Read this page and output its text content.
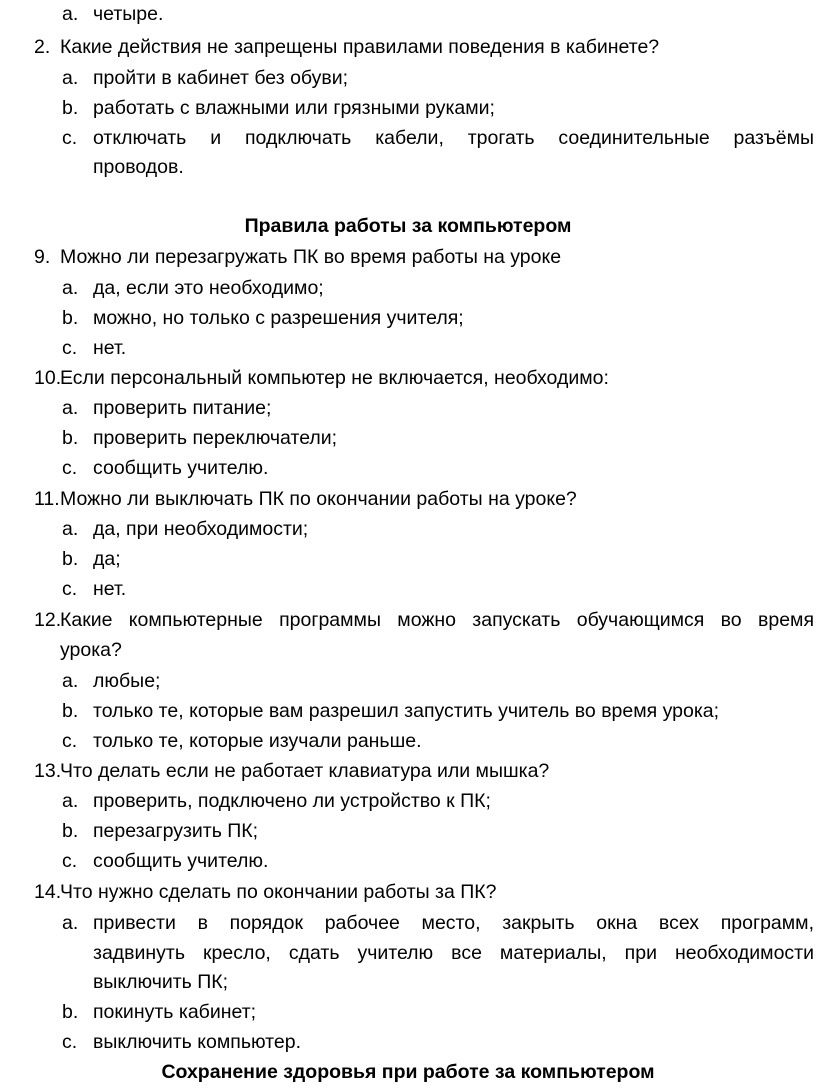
a. четыре.
2. Какие действия не запрещены правилами поведения в кабинете?
a. пройти в кабинет без обуви;
b. работать с влажными или грязными руками;
c. отключать и подключать кабели, трогать соединительные разъёмы
проводов.
Правила работы за компьютером
9. Можно ли перезагружать ПК во время работы на уроке
a. да, если это необходимо;
b. можно, но только с разрешения учителя;
c. нет.
10.
Если персональный компьютер не включается, необходимо:
a. проверить питание;
b. проверить переключатели;
c. сообщить учителю.
11. Можно ли выключать ПК по окончании работы на уроке?
a. да, при необходимости;
b. да;
c. нет.
12.
Какие компьютерные программы можно запускать обучающимся во время
урока?
a. любые;
b. только те, которые вам разрешил запустить учитель во время урока;
c. только те, которые изучали раньше.
13.
Что делать если не работает клавиатура или мышка?
a. проверить, подключено ли устройство к ПК;
b. перезагрузить ПК;
c. сообщить учителю.
14.
Что нужно сделать по окончании работы за ПК?
a. привести в порядок рабочее место, закрыть окна всех программ,
задвинуть кресло, сдать учителю все материалы, при необходимости
выключить ПК;
b. покинуть кабинет;
c. выключить компьютер.
Сохранение здоровья при работе за компьютером
